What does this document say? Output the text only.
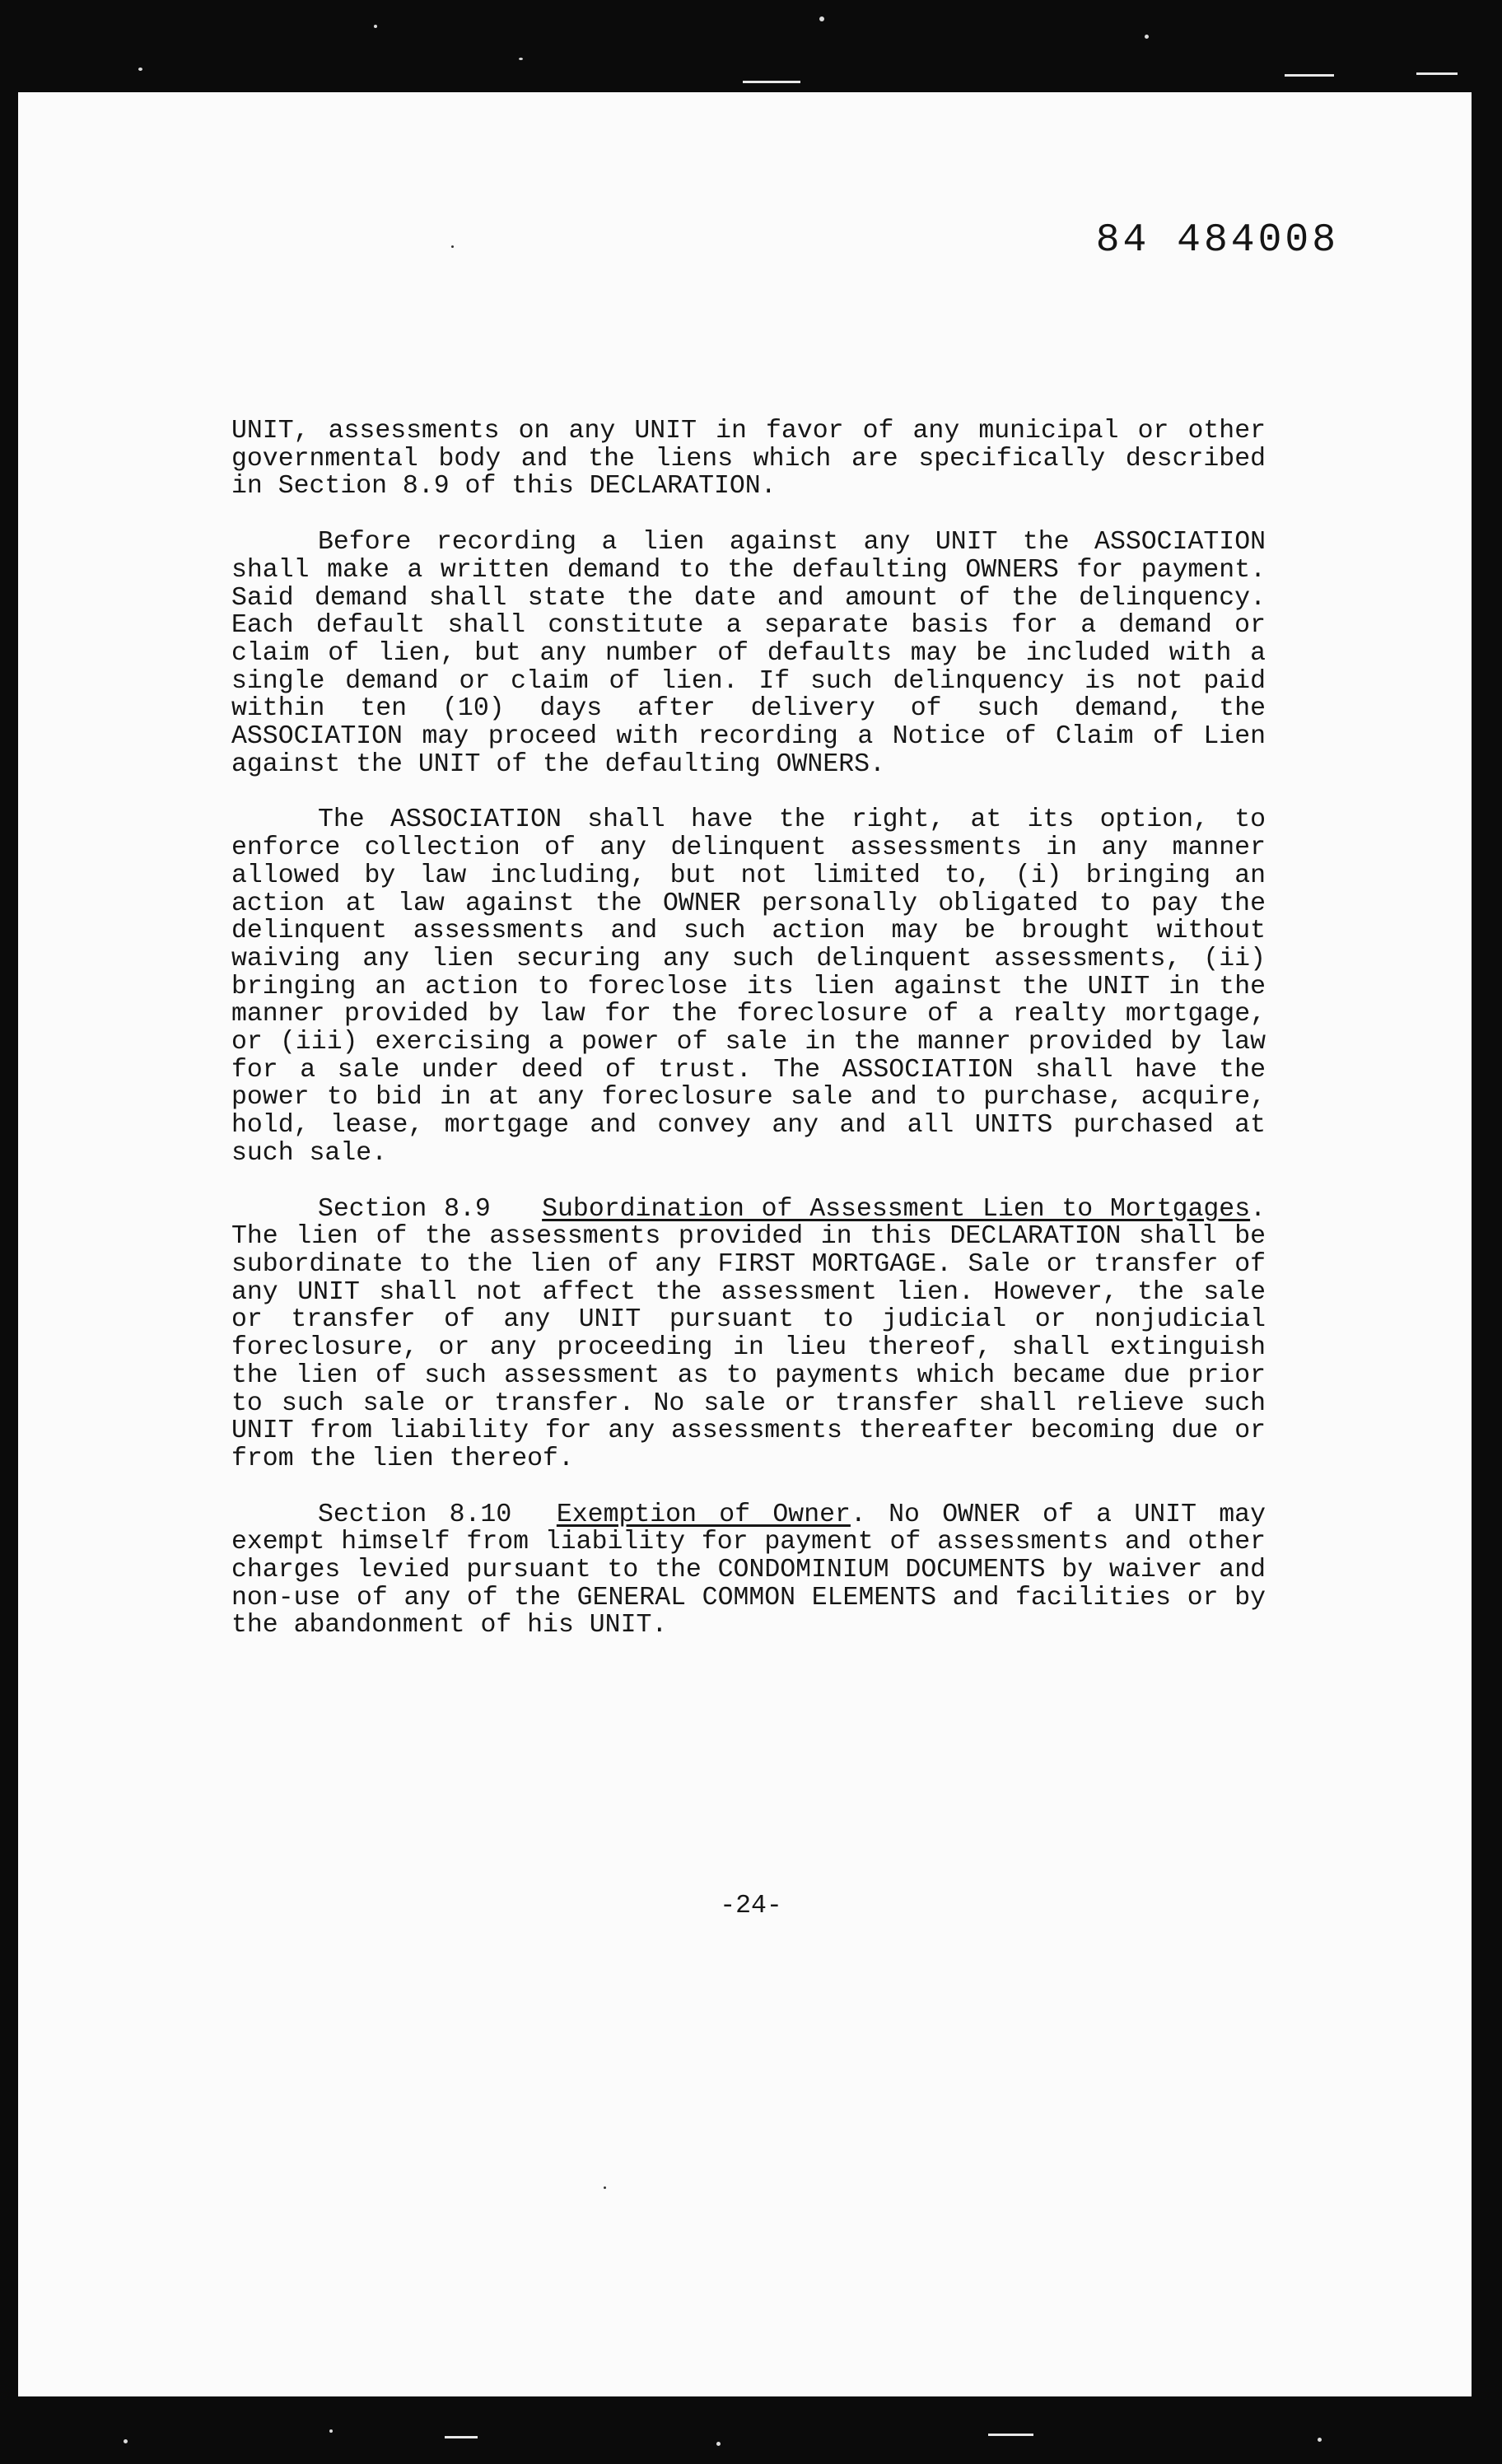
84 484008

UNIT, assessments on any UNIT in favor of any municipal or other governmental body and the liens which are specifically described in Section 8.9 of this DECLARATION.

Before recording a lien against any UNIT the ASSOCIATION shall make a written demand to the defaulting OWNERS for payment. Said demand shall state the date and amount of the delinquency. Each default shall constitute a separate basis for a demand or claim of lien, but any number of defaults may be included with a single demand or claim of lien. If such delinquency is not paid within ten (10) days after delivery of such demand, the ASSOCIATION may proceed with recording a Notice of Claim of Lien against the UNIT of the defaulting OWNERS.

The ASSOCIATION shall have the right, at its option, to enforce collection of any delinquent assessments in any manner allowed by law including, but not limited to, (i) bringing an action at law against the OWNER personally obligated to pay the delinquent assessments and such action may be brought without waiving any lien securing any such delinquent assessments, (ii) bringing an action to foreclose its lien against the UNIT in the manner provided by law for the foreclosure of a realty mortgage, or (iii) exercising a power of sale in the manner provided by law for a sale under deed of trust. The ASSOCIATION shall have the power to bid in at any foreclosure sale and to purchase, acquire, hold, lease, mortgage and convey any and all UNITS purchased at such sale.

Section 8.9 Subordination of Assessment Lien to Mortgages. The lien of the assessments provided in this DECLARATION shall be subordinate to the lien of any FIRST MORTGAGE. Sale or transfer of any UNIT shall not affect the assessment lien. However, the sale or transfer of any UNIT pursuant to judicial or nonjudicial foreclosure, or any proceeding in lieu thereof, shall extinguish the lien of such assessment as to payments which became due prior to such sale or transfer. No sale or transfer shall relieve such UNIT from liability for any assessments thereafter becoming due or from the lien thereof.

Section 8.10 Exemption of Owner. No OWNER of a UNIT may exempt himself from liability for payment of assessments and other charges levied pursuant to the CONDOMINIUM DOCUMENTS by waiver and non-use of any of the GENERAL COMMON ELEMENTS and facilities or by the abandonment of his UNIT.

-24-
